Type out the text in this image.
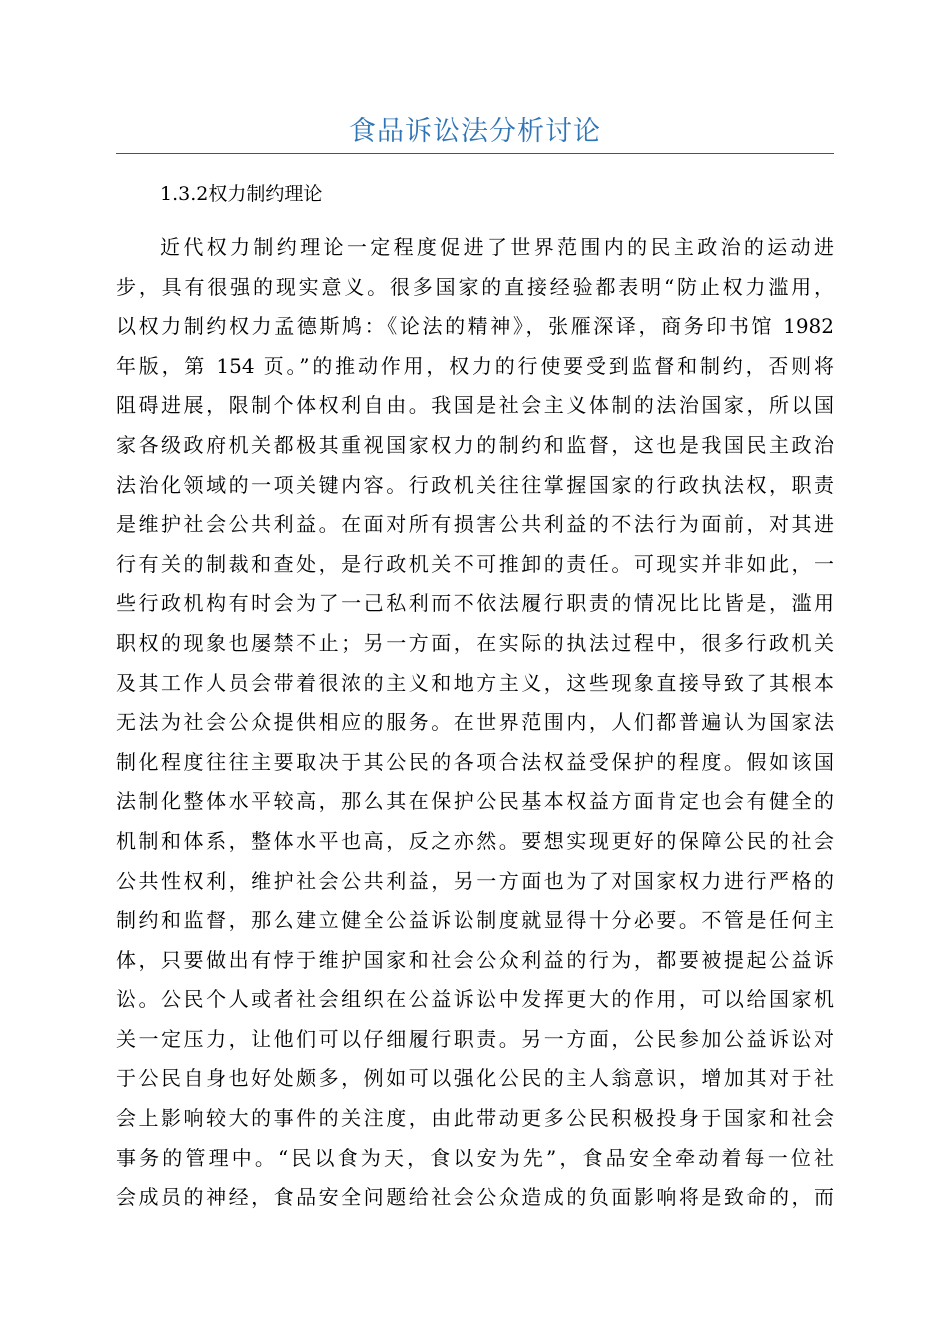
食品诉讼法分析讨论
1.3.2权力制约理论
近代权力制约理论一定程度促进了世界范围内的民主政治的运动进
步，具有很强的现实意义。很多国家的直接经验都表明“防止权力滥用，
以权力制约权力孟德斯鸠：《论法的精神》，张雁深译，商务印书馆 1982
年版，第 154 页。”的推动作用，权力的行使要受到监督和制约，否则将
阻碍进展，限制个体权利自由。我国是社会主义体制的法治国家，所以国
家各级政府机关都极其重视国家权力的制约和监督，这也是我国民主政治
法治化领域的一项关键内容。行政机关往往掌握国家的行政执法权，职责
是维护社会公共利益。在面对所有损害公共利益的不法行为面前，对其进
行有关的制裁和查处，是行政机关不可推卸的责任。可现实并非如此，一
些行政机构有时会为了一己私利而不依法履行职责的情况比比皆是，滥用
职权的现象也屡禁不止；另一方面，在实际的执法过程中，很多行政机关
及其工作人员会带着很浓的主义和地方主义，这些现象直接导致了其根本
无法为社会公众提供相应的服务。在世界范围内，人们都普遍认为国家法
制化程度往往主要取决于其公民的各项合法权益受保护的程度。假如该国
法制化整体水平较高，那么其在保护公民基本权益方面肯定也会有健全的
机制和体系，整体水平也高，反之亦然。要想实现更好的保障公民的社会
公共性权利，维护社会公共利益，另一方面也为了对国家权力进行严格的
制约和监督，那么建立健全公益诉讼制度就显得十分必要。不管是任何主
体，只要做出有悖于维护国家和社会公众利益的行为，都要被提起公益诉
讼。公民个人或者社会组织在公益诉讼中发挥更大的作用，可以给国家机
关一定压力，让他们可以仔细履行职责。另一方面，公民参加公益诉讼对
于公民自身也好处颇多，例如可以强化公民的主人翁意识，增加其对于社
会上影响较大的事件的关注度，由此带动更多公民积极投身于国家和社会
事务的管理中。“民以食为天，食以安为先”，食品安全牵动着每一位社
会成员的神经，食品安全问题给社会公众造成的负面影响将是致命的，而
